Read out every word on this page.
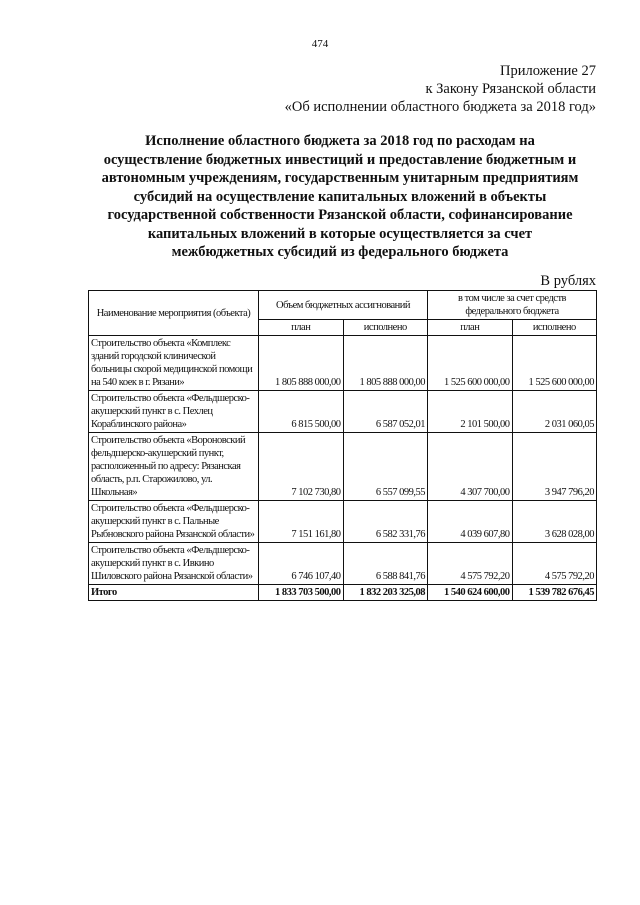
474
Приложение 27
к Закону Рязанской области
«Об исполнении областного бюджета за 2018 год»
Исполнение областного бюджета за 2018 год по расходам на
осуществление бюджетных инвестиций и предоставление бюджетным и
автономным учреждениям, государственным унитарным предприятиям
субсидий на осуществление капитальных вложений в объекты
государственной собственности Рязанской области, софинансирование
капитальных вложений в которые осуществляется за счет
межбюджетных субсидий из федерального бюджета
В рублях
Наименование мероприятия (объекта)	Объем бюджетных ассигнований		в том числе за счет средств федерального бюджета	
	план	исполнено	план	исполнено
Строительство объекта «Комплекс зданий городской клинической больницы скорой медицинской помощи на 540 коек в г. Рязани»	1 805 888 000,00	1 805 888 000,00	1 525 600 000,00	1 525 600 000,00
Строительство объекта «Фельдшерско-акушерский пункт в с. Пехлец Кораблинского района»	6 815 500,00	6 587 052,01	2 101 500,00	2 031 060,05
Строительство объекта «Вороновский фельдшерско-акушерский пункт, расположенный по адресу: Рязанская область, р.п. Старожилово, ул. Школьная»	7 102 730,80	6 557 099,55	4 307 700,00	3 947 796,20
Строительство объекта «Фельдшерско-акушерский пункт в с. Пальные Рыбновского района Рязанской области»	7 151 161,80	6 582 331,76	4 039 607,80	3 628 028,00
Строительство объекта «Фельдшерско-акушерский пункт в с. Ивкино Шиловского района Рязанской области»	6 746 107,40	6 588 841,76	4 575 792,20	4 575 792,20
Итого	1 833 703 500,00	1 832 203 325,08	1 540 624 600,00	1 539 782 676,45
